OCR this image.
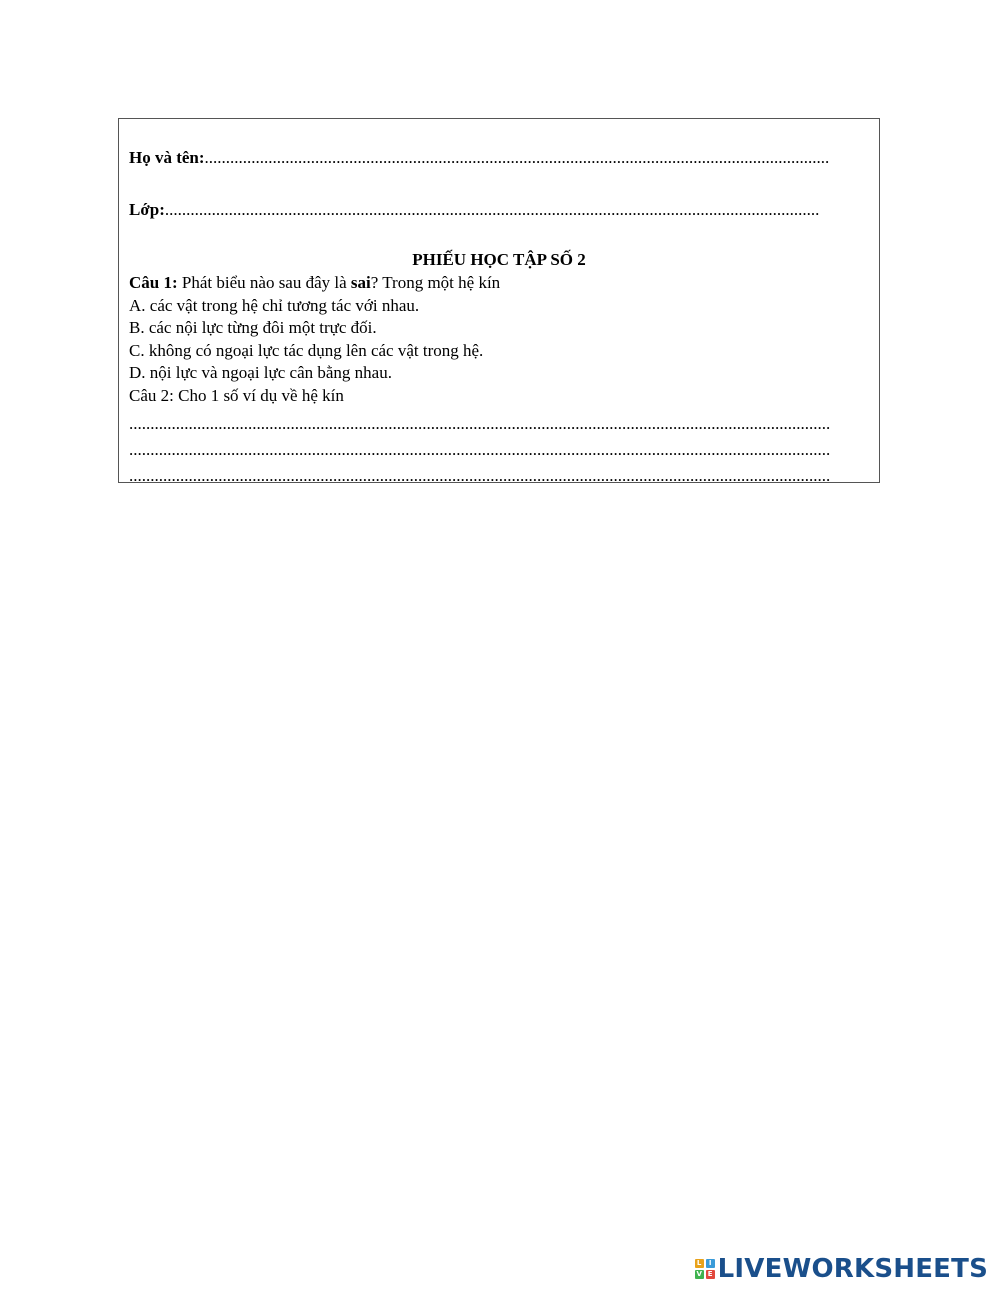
Họ và tên:...................................................................................................................................................
Lớp:..........................................................................................................................................................
PHIẾU HỌC TẬP SỐ 2
Câu 1: Phát biểu nào sau đây là sai? Trong một hệ kín
A. các vật trong hệ chỉ tương tác với nhau.
B. các nội lực từng đôi một trực đối.
C. không có ngoại lực tác dụng lên các vật trong hệ.
D. nội lực và ngoại lực cân bằng nhau.
Câu 2: Cho 1 số ví dụ về hệ kín
.....................................................................................................................................................................
.....................................................................................................................................................................
.....................................................................................................................................................................
L	I
V E LIVEWORKSHEETS
